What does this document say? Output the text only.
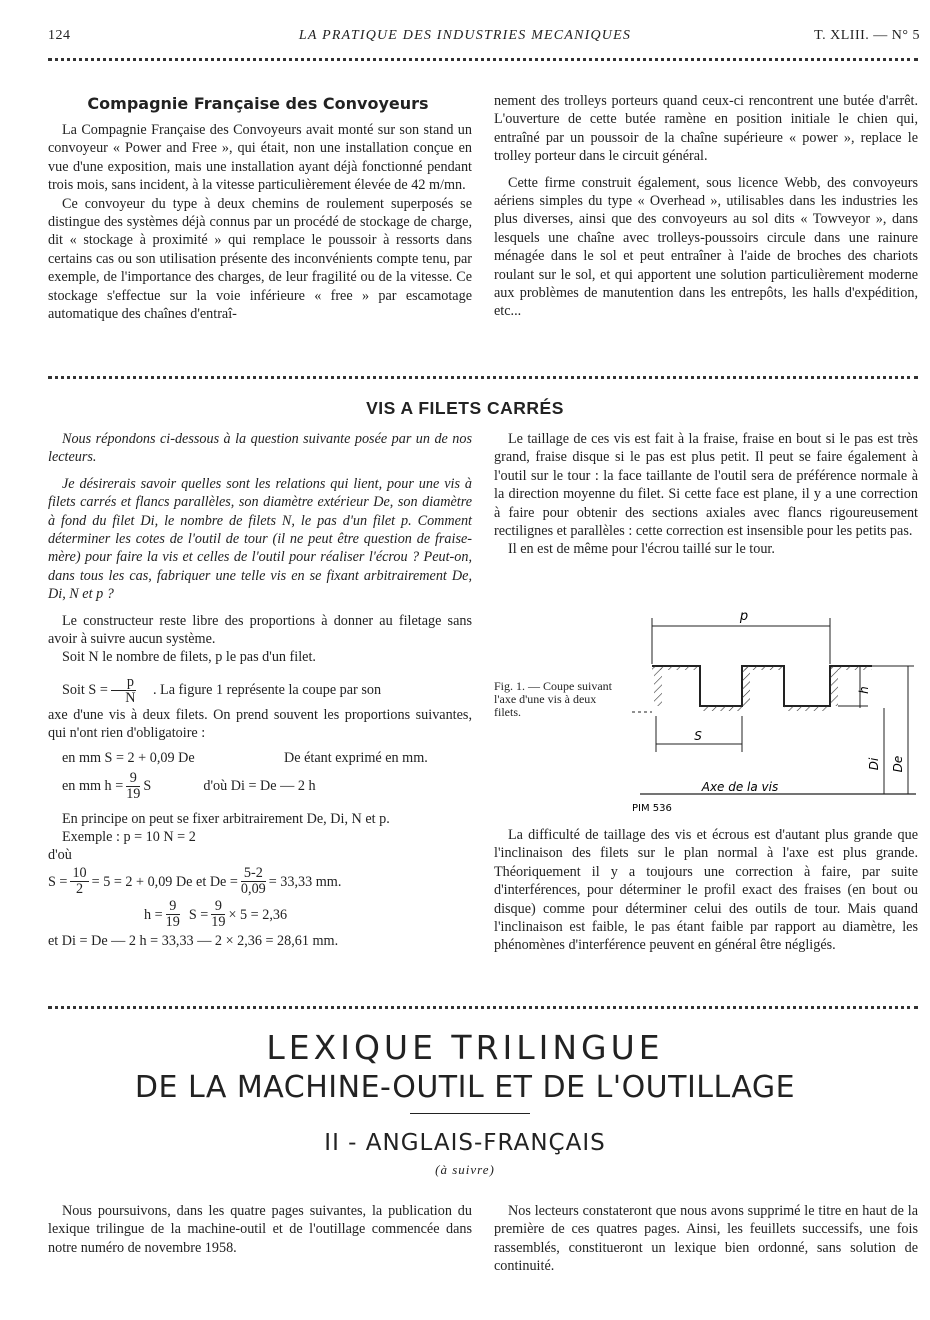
124	LA PRATIQUE DES INDUSTRIES MECANIQUES	T. XLIII. — N° 5
Compagnie Française des Convoyeurs

La Compagnie Française des Convoyeurs avait monté sur son stand un convoyeur « Power and Free », qui était, non une installation conçue en vue d'une exposition, mais une installation ayant déjà fonctionné pendant trois mois, sans incident, à la vitesse particulièrement élevée de 42 m/mn.

Ce convoyeur du type à deux chemins de roulement superposés se distingue des systèmes déjà connus par un procédé de stockage de charge, dit « stockage à proximité » qui remplace le poussoir à ressorts dans certains cas ou son utilisation présente des inconvénients compte tenu, par exemple, de l'importance des charges, de leur fragilité ou de la vitesse. Ce stockage s'effectue sur la voie inférieure « free » par escamotage automatique des chaînes d'entraî-

nement des trolleys porteurs quand ceux-ci rencontrent une butée d'arrêt. L'ouverture de cette butée ramène en position initiale le chien qui, entraîné par un poussoir de la chaîne supérieure « power », replace le trolley porteur dans le circuit général.

Cette firme construit également, sous licence Webb, des convoyeurs aériens simples du type « Overhead », utilisables dans les industries les plus diverses, ainsi que des convoyeurs au sol dits « Towveyor », dans lesquels une chaîne avec trolleys-poussoirs circule dans une rainure ménagée dans le sol et peut entraîner à l'aide de broches des chariots roulant sur le sol, et qui apportent une solution particulièrement moderne aux problèmes de manutention dans les entrepôts, les halls d'expédition, etc...

VIS A FILETS CARRÉS

Nous répondons ci-dessous à la question suivante posée par un de nos lecteurs.

Je désirerais savoir quelles sont les relations qui lient, pour une vis à filets carrés et flancs parallèles, son diamètre extérieur De, son diamètre à fond du filet Di, le nombre de filets N, le pas d'un filet p. Comment déterminer les cotes de l'outil de tour (il ne peut être question de fraise-mère) pour faire la vis et celles de l'outil pour réaliser l'écrou ? Peut-on, dans tous les cas, fabriquer une telle vis en se fixant arbitrairement De, Di, N et p ?

Le constructeur reste libre des proportions à donner au filetage sans avoir à suivre aucun système.

Soit N le nombre de filets, p le pas d'un filet.

Soit $S = \frac{p}{N}$	. La figure 1 représente la coupe par son

axe d'une vis à deux filets. On prend souvent les proportions suivantes, qui n'ont rien d'obligatoire :

en mm S = 2 + 0,09 De	De étant exprimé en mm.
en mm $h = \frac{9}{19}$ S	d'où Di = De — 2 h

En principe on peut se fixer arbitrairement De, Di, N et p.

Exemple : p = 10 N = 2
d'où
$S = \frac{10}{2} = 5 = 2 + 0,09$ De et $De = \frac{5-2}{0,09} = 33,33$ mm.
$h = \frac{9}{19}$ $S = \frac{9}{19} \times 5 = 2,36$
et Di = De — 2 h = 33,33 — 2 × 2,36 = 28,61 mm.

Le taillage de ces vis est fait à la fraise, fraise en bout si le pas est très grand, fraise disque si le pas est plus petit. Il peut se faire également à l'outil sur le tour : la face taillante de l'outil sera de préférence normale à la direction moyenne du filet. Si cette face est plane, il y a une correction à faire pour obtenir des sections axiales avec flancs rigoureusement rectilignes et parallèles : cette correction est insensible pour les petits pas.

Il en est de même pour l'écrou taillé sur le tour.

Fig. 1. — Coupe suivant l'axe d'une vis à deux filets.
p
h
S
Di De
Axe de la vis
PIM 536

La difficulté de taillage des vis et écrous est d'autant plus grande que l'inclinaison des filets sur le plan normal à l'axe est plus grande. Théoriquement il y a toujours une correction à faire, par suite d'interférences, pour déterminer le profil exact des fraises (en bout ou disque) comme pour déterminer celui des outils de tour. Mais quand l'inclinaison est faible, le pas étant faible par rapport au diamètre, les phénomènes d'interférence peuvent en général être négligés.

LEXIQUE TRILINGUE
DE LA MACHINE-OUTIL ET DE L'OUTILLAGE
II - ANGLAIS-FRANÇAIS
(à suivre)

Nous poursuivons, dans les quatre pages suivantes, la publication du lexique trilingue de la machine-outil et de l'outillage commencée dans notre numéro de novembre 1958.

Nos lecteurs constateront que nous avons supprimé le titre en haut de la première de ces quatres pages. Ainsi, les feuillets successifs, une fois rassemblés, constitueront un lexique bien ordonné, sans solution de continuité.
